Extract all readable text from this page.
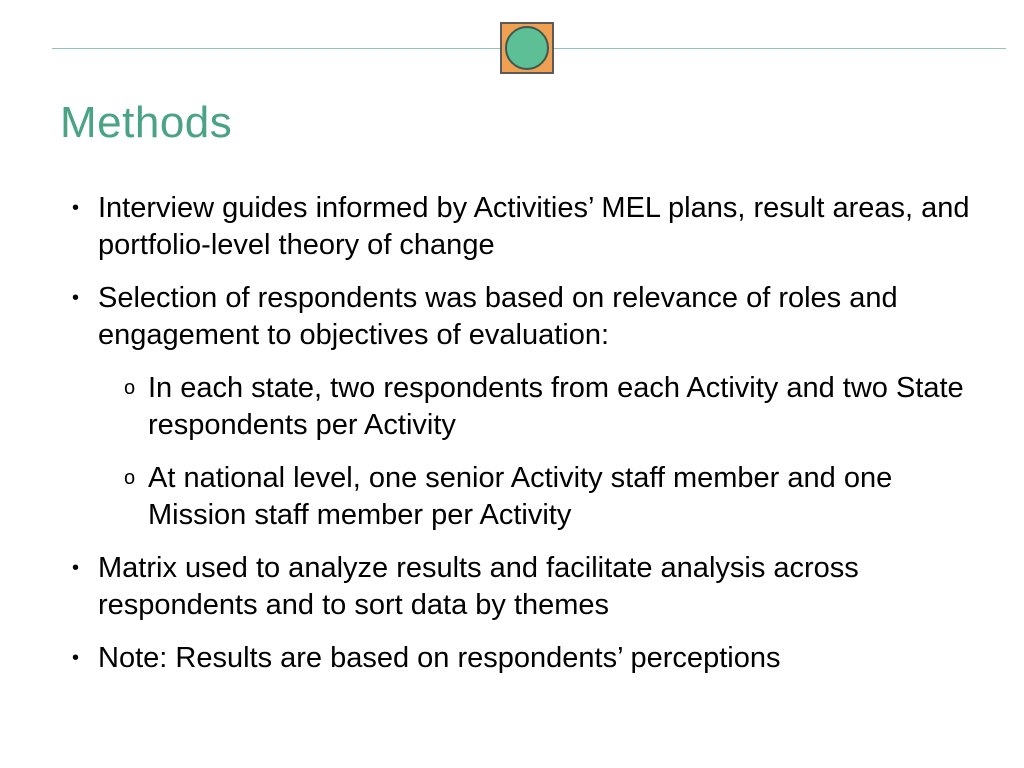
Methods
• Interview guides informed by Activities’ MEL plans, result areas, and portfolio-level theory of change
• Selection of respondents was based on relevance of roles and engagement to objectives of evaluation:
o In each state, two respondents from each Activity and two State respondents per Activity
o At national level, one senior Activity staff member and one Mission staff member per Activity
• Matrix used to analyze results and facilitate analysis across respondents and to sort data by themes
• Note: Results are based on respondents’ perceptions
